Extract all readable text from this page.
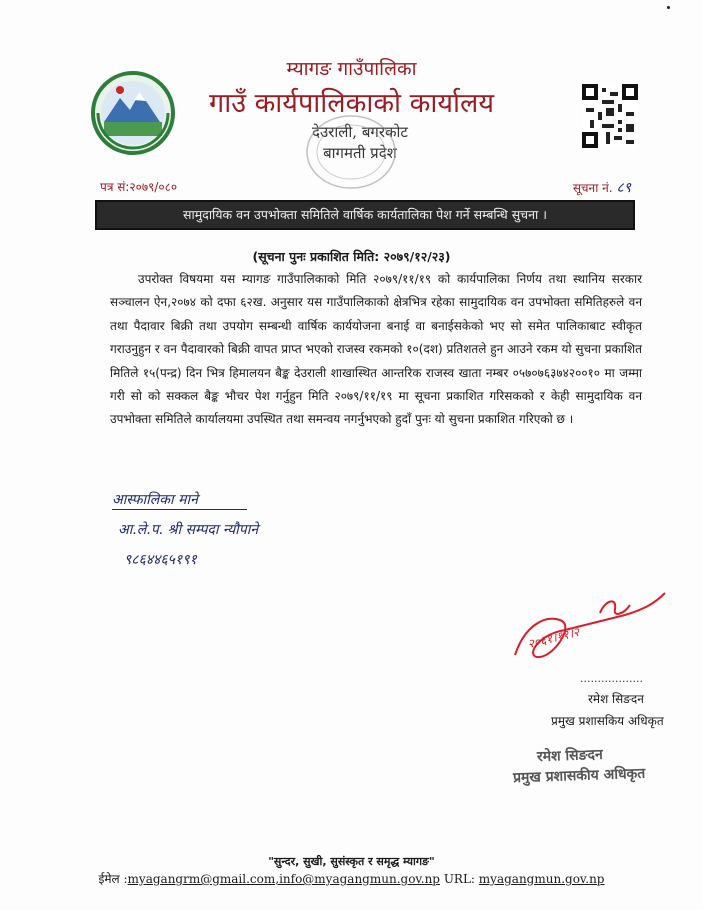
म्यागङ गाउँपालिका
गाउँ कार्यपालिकाको कार्यालय
देउराली, बगरकोट
बागमती प्रदेश
पत्र सं:२०७९/०८०	सूचना नं. ८९
सामुदायिक वन उपभोक्ता समितिले वार्षिक कार्यतालिका पेश गर्ने सम्बन्धि सुचना ।
(सूचना पुनः प्रकाशित मिति: २०७९/१२/२३)

उपरोक्त विषयमा यस म्यागङ गाउँपालिकाको मिति २०७९/११/१९ को कार्यपालिका निर्णय तथा स्थानिय सरकार सञ्चालन ऐन,२०७४ को दफा ६२ख. अनुसार यस गाउँपालिकाको क्षेत्रभित्र रहेका सामुदायिक वन उपभोक्ता समितिहरुले वन तथा पैदावार बिक्री तथा उपयोग सम्बन्धी वार्षिक कार्ययोजना बनाई वा बनाईसकेको भए सो समेत पालिकाबाट स्वीकृत गराउनुहुन र वन पैदावारको बिक्री वापत प्राप्त भएको राजस्व रकमको १०(दश) प्रतिशतले हुन आउने रकम यो सुचना प्रकाशित मितिले १५(पन्द्र) दिन भित्र हिमालयन बैङ्क देउराली शाखास्थित आन्तरिक राजस्व खाता नम्बर ०५७०७६३७४२००१० मा जम्मा गरी सो को सक्कल बैङ्क भौचर पेश गर्नुहुन मिति २०७९/११/१९ मा सूचना प्रकाशित गरिसकको र केही सामुदायिक वन उपभोक्ता समितिले कार्यालयमा उपस्थित तथा समन्वय नगर्नुभएको हुदाँ पुनः यो सुचना प्रकाशित गरिएको छ ।

आस्फालिका माने
आ.ले.प. श्री सम्पदा न्यौपाने
९८६४४६५१९१
२०६१।११।२
..................
रमेश सिङदन
प्रमुख प्रशासकिय अधिकृत
रमेश सिङदन
प्रमुख प्रशासकीय अधिकृत
"सुन्दर, सुखी, सुसंस्कृत र समृद्ध म्यागङ"
ईमेल :myagangrm@gmail.com,info@myagangmun.gov.np URL: myagangmun.gov.np
